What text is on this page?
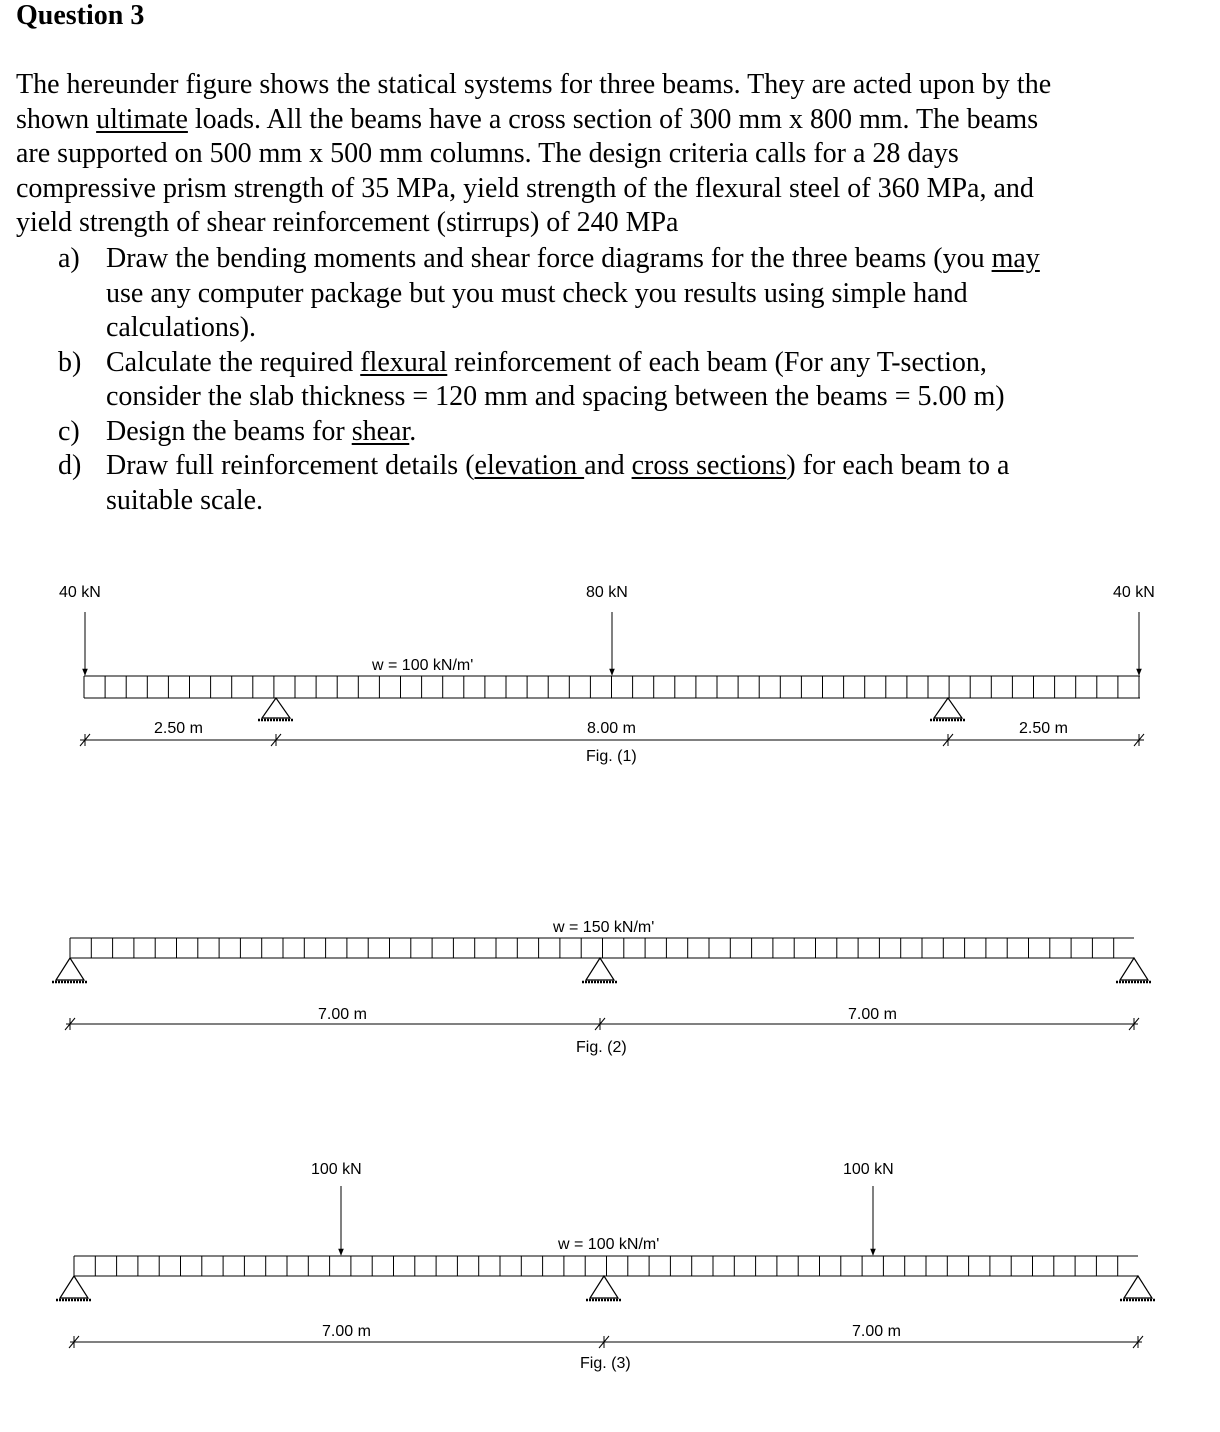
Question 3

The hereunder figure shows the statical systems for three beams. They are acted upon by the

shown ultimate loads. All the beams have a cross section of 300 mm x 800 mm. The beams

are supported on 500 mm x 500 mm columns. The design criteria calls for a 28 days

compressive prism strength of 35 MPa, yield strength of the flexural steel of 360 MPa, and

yield strength of shear reinforcement (stirrups) of 240 MPa

a) Draw the bending moments and shear force diagrams for the three beams (you may
use any computer package but you must check you results using simple hand
calculations).
b) Calculate the required flexural reinforcement of each beam (For any T-section,
consider the slab thickness = 120 mm and spacing between the beams = 5.00 m)
c) Design the beams for shear.
d) Draw full reinforcement details (elevation and cross sections) for each beam to a
suitable scale.
40 kN	80 kN	40 kN
w = 100 kN/m'
2.50 m	8.00 m	2.50 m
Fig. (1)
w = 150 kN/m'
7.00 m	7.00 m
Fig. (2)
100 kN	100 kN
w = 100 kN/m'
7.00 m	7.00 m
Fig. (3)
